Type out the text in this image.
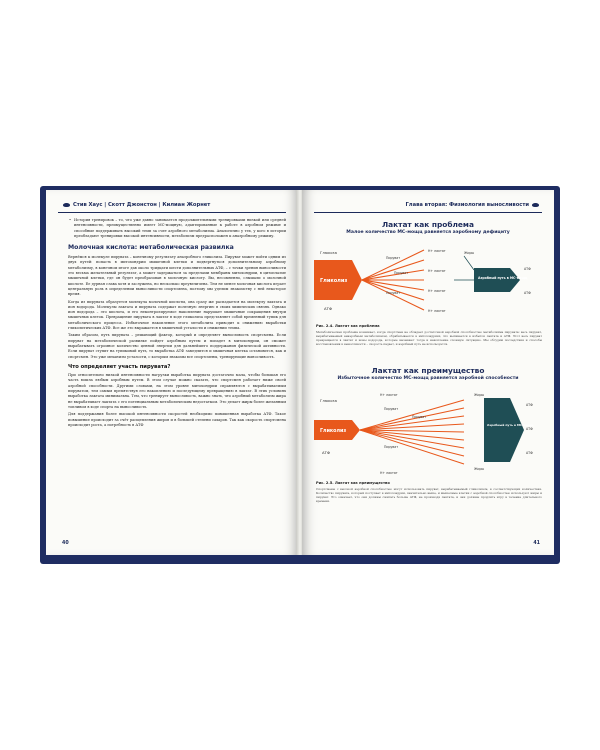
Стив Хаус | Скотт Джонстон | Килиан Жорнет

• История тренировок – то, что уже давно занимается продолжительными тренировками низкой или средней интенсивности, преимущественно имеет МС-мощную, адаптированные к работе в аэробном режиме и способные поддерживать высокий темп за счет аэробного метаболизма. Аналогично у тех, у кого в истории преобладают тренировки высокой интенсивности, метаболизм предрасположен к анаэробному режиму.

Молочная кислота: метаболическая развилка

Вернёмся к молекуле пирувата – конечному результату анаэробного гликолиза. Пируват может пойти одним из двух путей: попасть в митохондрии мышечной клетки и подвергнуться дополнительному аэробному метаболизму, в конечном итоге дав около тридцати шести дополнительных АТФ, – с точки зрения выносливости это весьма желательный результат, а может задержаться за пределами мембраны митохондрии, в цитоплазме мышечной клетки, где он будет преобразован в молочную кислоту. Вы, несомненно, слышали о молочной кислоте. Ее дурная слава хотя и заслужена, но несколько преувеличена. Тем не менее молочная кислота играет центральную роль в определении выносливости спортсмена, поэтому мы уделим знакомству с ней некоторое время.

Когда из пирувата образуется молекула молочной кислоты, она сразу же распадается на молекулу лактата и ион водорода. Молекулы лактата и пирувата содержат полезную энергию в своих химических связях. Однако ион водорода – это кислота, и его неконтролируемое накопление нарушает мышечные сокращения внутри мышечных клеток. Превращение пирувата в лактат в ходе гликолиза представляет собой временный тупик для метаболического процесса. Избыточное накопление этого метаболита приводит к снижению выработки гликолитических АТФ. Все же это выражается в мышечной усталости и снижении темпа.

Таким образом, путь пирувата – решающий фактор, который и определяет выносливость спортсмена. Если пируват на метаболической развилке пойдет аэробным путем и попадет в митохондрии, он сможет вырабатывать огромное количество ценной энергии для дальнейшего поддержания физической активности. Если пируват ступит на тупиковый путь, то выработка АТФ замедлится и мышечная клетка остановится, как и спортсмен. Это уже механизм усталости, с которым знакомы все спортсмены, тренирующие выносливость.

Что определяет участь пирувата?

При относительно низкой интенсивности нагрузки выработка пирувата достаточно мала, чтобы большая его часть вошла любым аэробным путем. В этом случае можно сказать, что спортсмен работает ниже своей аэробной способности. Другими словами, на этом уровне митохондрии справляются с вырабатываемым пируватом, тем самым препятствуя его накоплению и последующему превращению в лактат. В этих условиях выработка лактата минимальна. Тем, что тренирует выносливость, важно знать, что аэробный метаболизм жира не вырабатывает лактата с его потенциальным метаболическим недостатком. Это делает жиры более желанным топливом в ходе спорта на выносливость.

Для поддержания более высокой интенсивности скоростей необходимо повышенная выработка АТФ. Такое повышение происходит за счёт расщепления жиров и в большей степени сахаров. Так как скорость спортсмена происходит роста, а потребность в АТФ

40
Глава вторая: Физиология выносливости
Лактат как проблема
Малое количество МС-мощц равняется аэробному дефициту
Глюкоза
АТФ
Гликолиз
Пируват
Пируват
Пируват
Н+ лактат
Н+ лактат
Н+ лактат
Н+ лактат
Жиры
Аэробный путь в МС-мощц
АТФ
АТФ
Рис. 2.4. Лактат как проблема
Метаболическая проблема возникает, когда спортсмен не обладает достаточной аэробной способностью метаболизма пирувата: весь пируват, вырабатываемый анаэробным метаболизмом, обрабатывается в митохондриях, что выливается в избыток лактата и АТФ. Этот весь пируват превращается в лактат и ионы водорода, которые вызывают тогда и накопление сложную ситуацию. Мы обсудим последствия и способы восстановления к выносливости – скорость падает, и аэробный путь не используется.
Лактат как преимущество
Избыточное количество МС-мощц равняется аэробной способности
Глюкоза
АТФ
Гликолиз
Н+ лактат
Пируват
Пируват
Пируват
Н+ лактат
Жиры
Жиры
Аэробный путь в МС-мощц
АТФ
АТФ
АТФ
Рис. 2.5. Лактат как преимущество
Спортсмены с высокой аэробной способностью могут использовать пируват, вырабатываемый гликолизом, в соответствующих количествах. Количество пирувата, который поступает в митохондрии, значительно выше, и мышечные клетки с аэробной способностью используют жиры и пируват. Это означает, что они должны сжигать больше АТФ, не производя лактата, и они должны продлить игру в течение длительного времени.
41
